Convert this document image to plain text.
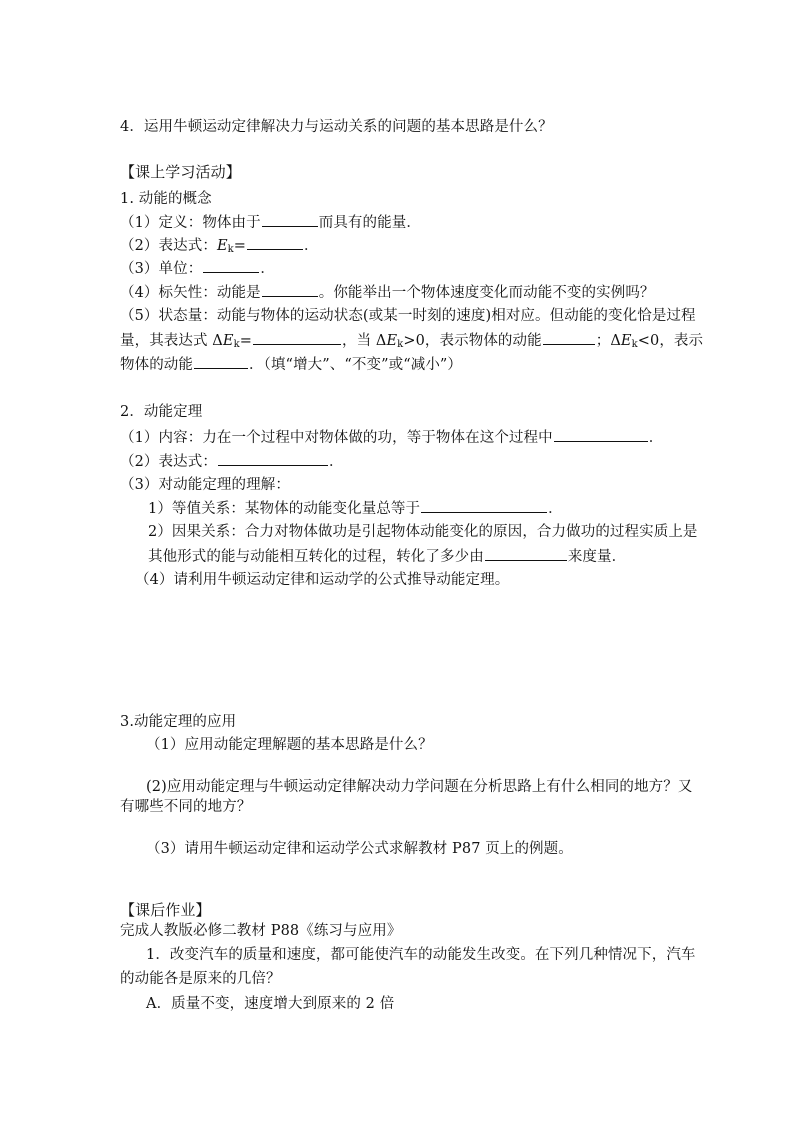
4．运用牛顿运动定律解决力与运动关系的问题的基本思路是什么？
【课上学习活动】
1. 动能的概念
（1）定义：物体由于	而具有的能量．
（2）表达式：$E_k=$	．
（3）单位：	．
（4）标矢性：动能是	。你能举出一个物体速度变化而动能不变的实例吗？
（5）状态量：动能与物体的运动状态(或某一时刻的速度)相对应。但动能的变化恰是过程
量，其表达式 $\Delta E_k=$	，当 $\Delta E_k>0$，表示物体的动能	；$\Delta E_k<0$，表示
物体的动能	．（填“增大”、“不变”或“减小”）
2．动能定理
（1）内容：力在一个过程中对物体做的功，等于物体在这个过程中	．
（2）表达式：	．
（3）对动能定理的理解：
1）等值关系：某物体的动能变化量总等于	．
2）因果关系：合力对物体做功是引起物体动能变化的原因，合力做功的过程实质上是
其他形式的能与动能相互转化的过程，转化了多少由	来度量．
（4）请利用牛顿运动定律和运动学的公式推导动能定理。
3.动能定理的应用
（1）应用动能定理解题的基本思路是什么？
(2)应用动能定理与牛顿运动定律解决动力学问题在分析思路上有什么相同的地方？又
有哪些不同的地方？
（3）请用牛顿运动定律和运动学公式求解教材 P87 页上的例题。
【课后作业】
完成人教版必修二教材 P88《练习与应用》
1．改变汽车的质量和速度，都可能使汽车的动能发生改变。在下列几种情况下，汽车
的动能各是原来的几倍？
A．质量不变，速度增大到原来的 2 倍
